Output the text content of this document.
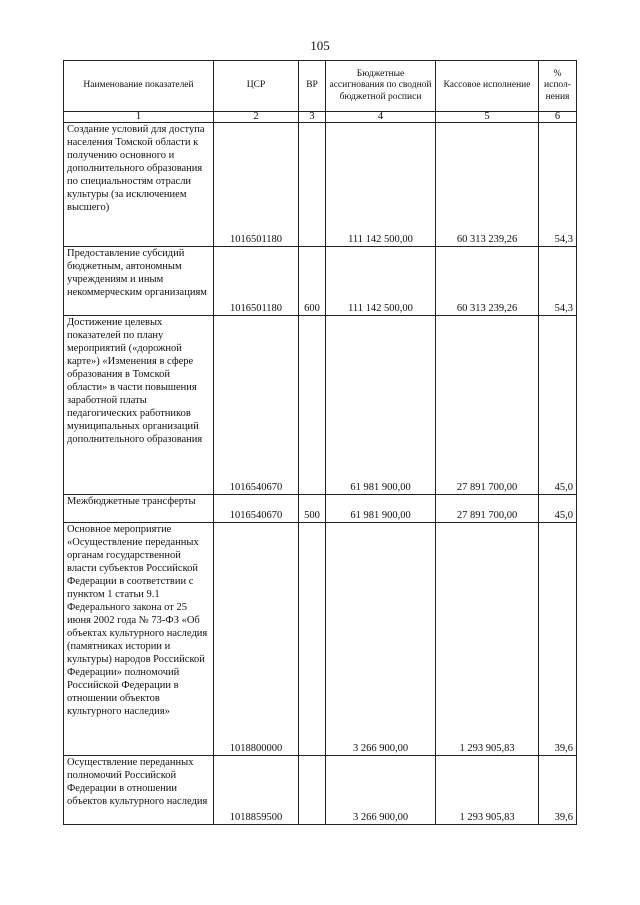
105
Наименование показателей	ЦСР	ВР	Бюджетные ассигнования по сводной бюджетной росписи	Кассовое исполнение	% испол-нения
1	2	3	4	5	6
Создание условий для доступа населения Томской области к получению основного и дополнительного образования по специальностям отрасли культуры (за исключением высшего)	1016501180		111 142 500,00	60 313 239,26	54,3
Предоставление субсидий бюджетным, автономным учреждениям и иным некоммерческим организациям	1016501180	600	111 142 500,00	60 313 239,26	54,3
Достижение целевых показателей по плану мероприятий («дорожной карте») «Изменения в сфере образования в Томской области» в части повышения заработной платы педагогических работников муниципальных организаций дополнительного образования	1016540670		61 981 900,00	27 891 700,00	45,0
Межбюджетные трансферты	1016540670	500	61 981 900,00	27 891 700,00	45,0
Основное мероприятие «Осуществление переданных органам государственной власти субъектов Российской Федерации в соответствии с пунктом 1 статьи 9.1 Федерального закона от 25 июня 2002 года № 73-ФЗ «Об объектах культурного наследия (памятниках истории и культуры) народов Российской Федерации» полномочий Российской Федерации в отношении объектов культурного наследия»	1018800000		3 266 900,00	1 293 905,83	39,6
Осуществление переданных полномочий Российской Федерации в отношении объектов культурного наследия	1018859500		3 266 900,00	1 293 905,83	39,6
